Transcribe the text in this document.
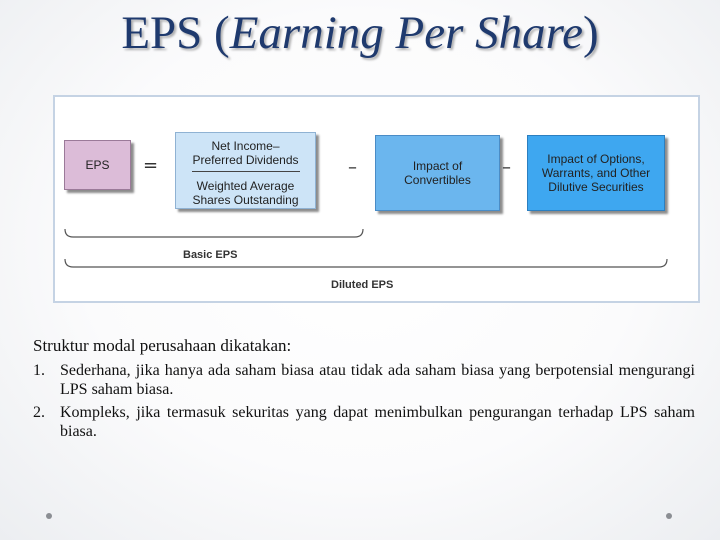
EPS (Earning Per Share)
EPS =
Net Income–
Preferred Dividends
Weighted Average
Shares Outstanding
–	Impact of
Convertibles
–	Impact of Options,
Warrants, and Other
Dilutive Securities
Basic EPS
Diluted EPS

Struktur modal perusahaan dikatakan:

1. Sederhana, jika hanya ada saham biasa atau tidak ada saham biasa yang berpotensial mengurangi LPS saham biasa.
2. Kompleks, jika termasuk sekuritas yang dapat menimbulkan pengurangan terhadap LPS saham biasa.
